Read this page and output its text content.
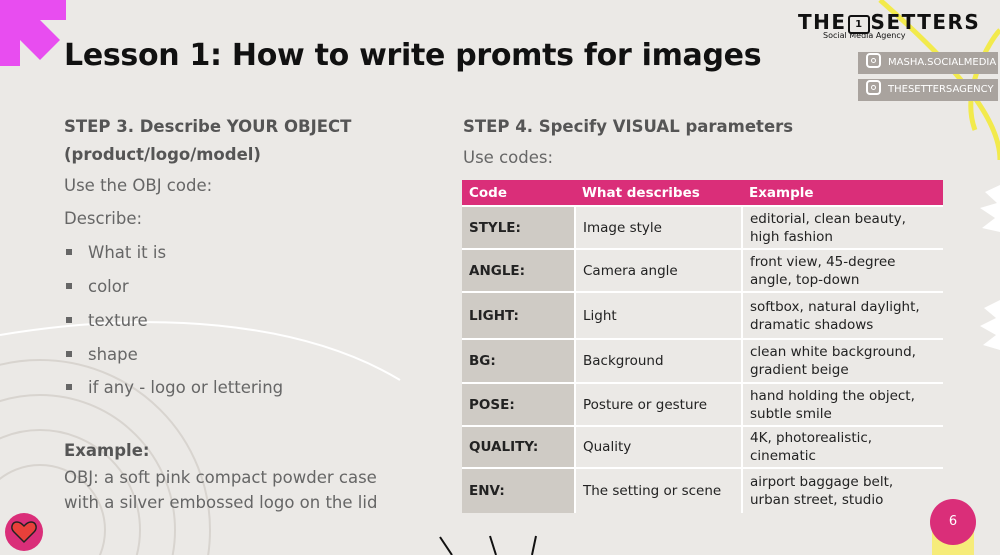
Lesson 1: How to write promts for images
THE 1 SETTERS
Social Media Agency
MASHA.SOCIALMEDIA
THESETTERSAGENCY
STEP 3. Describe YOUR OBJECT (product/logo/model)
Use the OBJ code:
Describe:
What it is
color
texture
shape
if any - logo or lettering
Example:
OBJ: a soft pink compact powder case with a silver embossed logo on the lid
STEP 4. Specify VISUAL parameters
Use codes:
Code	What describes	Example
STYLE:	Image style	editorial, clean beauty, high fashion
ANGLE:	Camera angle	front view, 45-degree angle, top-down
LIGHT:	Light	softbox, natural daylight, dramatic shadows
BG:	Background	clean white background, gradient beige
POSE:	Posture or gesture	hand holding the object, subtle smile
QUALITY:	Quality	4K, photorealistic, cinematic
ENV:	The setting or scene	airport baggage belt, urban street, studio
6
